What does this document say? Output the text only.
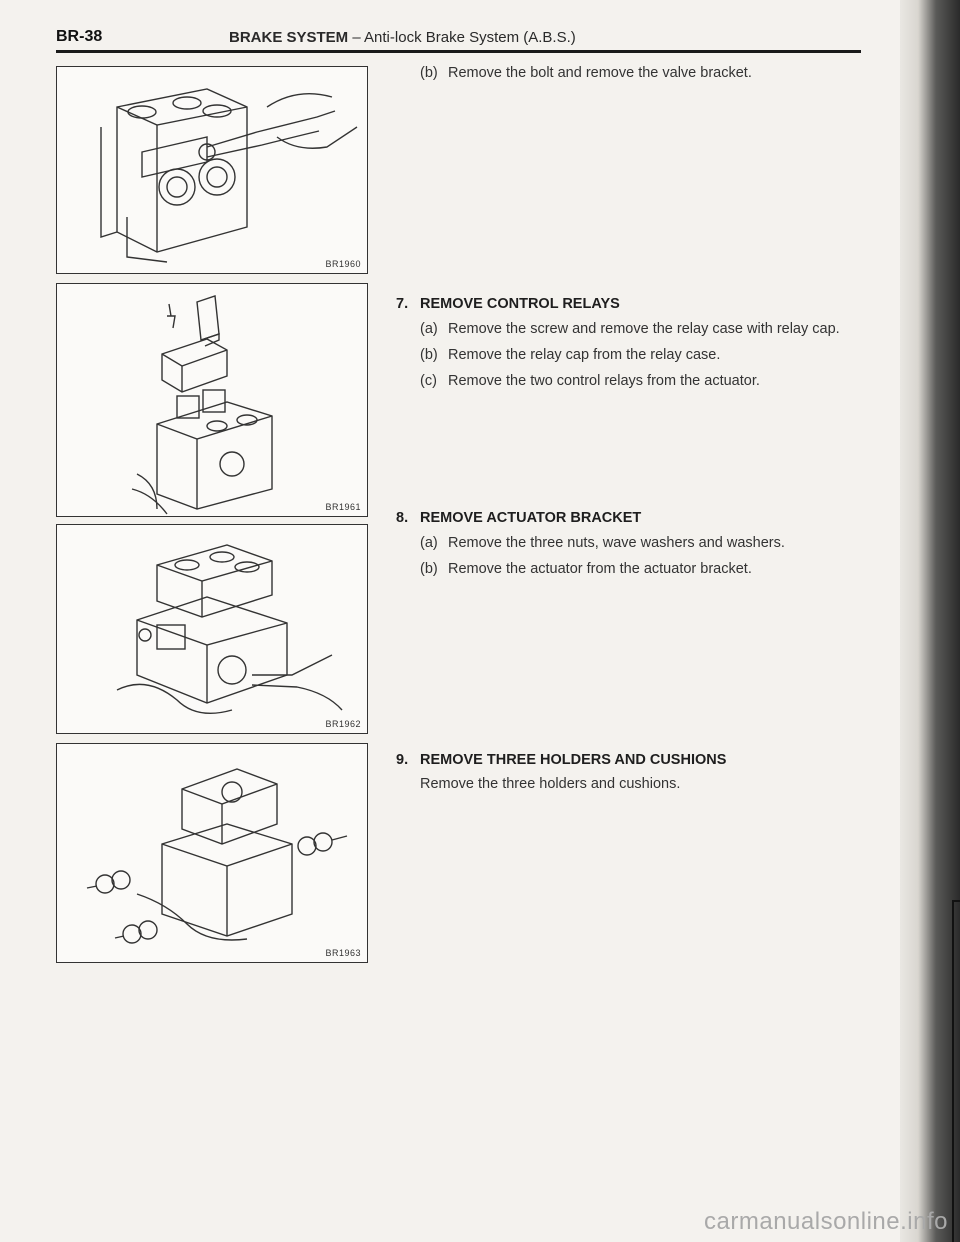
BR-38	BRAKE SYSTEM – Anti-lock Brake System (A.B.S.)
BR1960
BR1961
BR1962
BR1963
(b) Remove the bolt and remove the valve bracket.
7. REMOVE CONTROL RELAYS
(a) Remove the screw and remove the relay case with relay cap.
(b) Remove the relay cap from the relay case.
(c) Remove the two control relays from the actuator.
8. REMOVE ACTUATOR BRACKET
(a) Remove the three nuts, wave washers and washers.
(b) Remove the actuator from the actuator bracket.
9. REMOVE THREE HOLDERS AND CUSHIONS
Remove the three holders and cushions.
carmanualsonline.info
